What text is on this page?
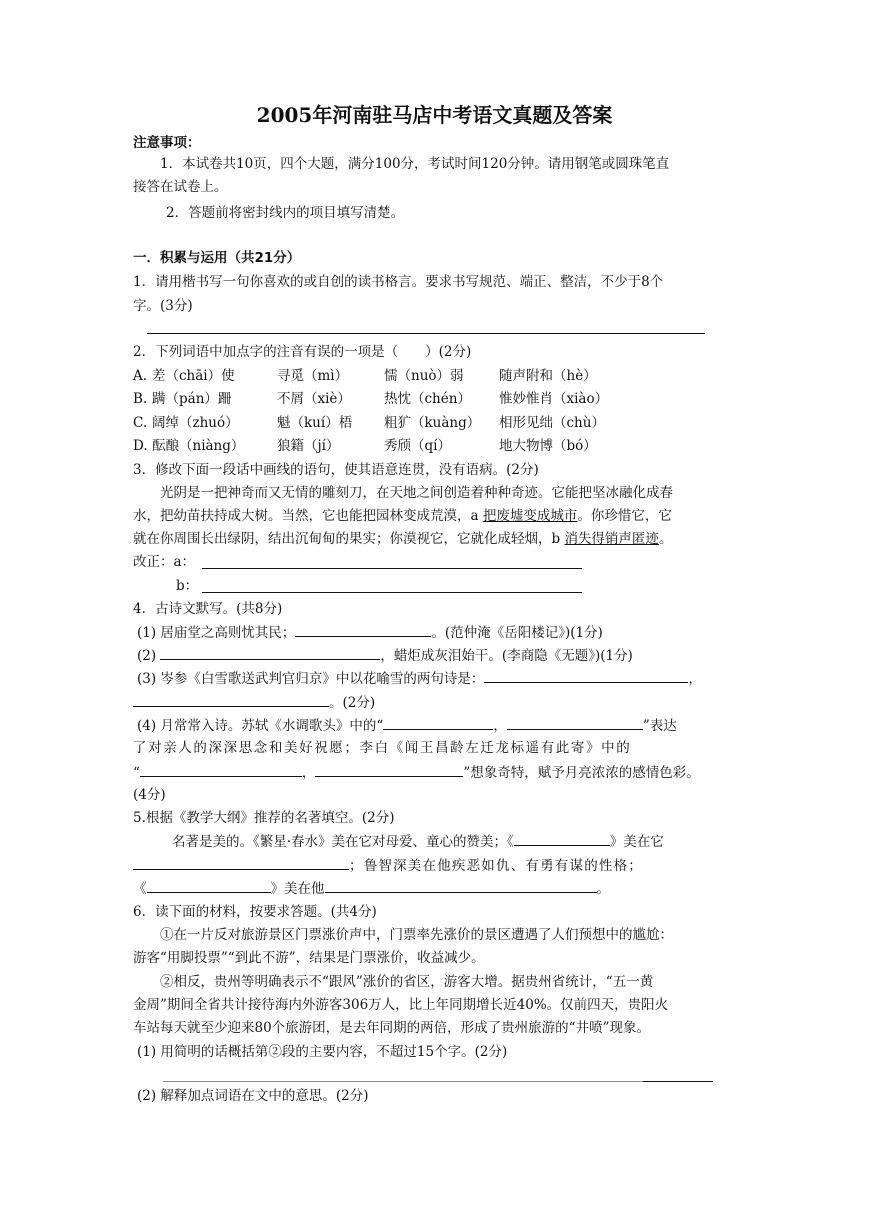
2005年河南驻马店中考语文真题及答案
注意事项：
1．本试卷共10页，四个大题，满分100分，考试时间120分钟。请用钢笔或圆珠笔直
接答在试卷上。
2．答题前将密封线内的项目填写清楚。
一．积累与运用（共21分）
1．请用楷书写一句你喜欢的或自创的读书格言。要求书写规范、端正、整洁，不少于8个
字。(3分)
2．下列词语中加点字的注音有误的一项是（　　）(2分)
A. 差（chāi）使	寻觅（mì）	懦（nuò）弱	随声附和（hè）
B. 蹒（pán）跚	不屑（xiè） 热忱（chén） 惟妙惟肖（xiào）
C. 阔绰（zhuó）	魁（kuí）梧 粗犷（kuàng） 相形见绌（chù）
D. 酝酿（niàng） 狼籍（jí）	秀颀（qí）	地大物博（bó）
3．修改下面一段话中画线的语句，使其语意连贯，没有语病。(2分)
光阴是一把神奇而又无情的雕刻刀，在天地之间创造着种种奇迹。它能把坚冰融化成春
水，把幼苗扶持成大树。当然，它也能把园林变成荒漠，a 把废墟变成城市。你珍惜它，它
就在你周围长出绿阴，结出沉甸甸的果实；你漠视它，它就化成轻烟，b 消失得销声匿迹。
改正：a：
b：
4．古诗文默写。(共8分)
(1) 居庙堂之高则忧其民；	。(范仲淹《岳阳楼记》)(1分)
(2)	，蜡炬成灰泪始干。(李商隐《无题》)(1分)
(3) 岑参《白雪歌送武判官归京》中以花喻雪的两句诗是：	，
。(2分)
(4) 月常常入诗。苏轼《水调歌头》中的“	，	”表达
了对亲人的深深思念和美好祝愿；李白《闻王昌龄左迁龙标遥有此寄》中的
“	，	”想象奇特，赋予月亮浓浓的感情色彩。
(4分)
5.根据《教学大纲》推荐的名著填空。(2分)
名著是美的。《繁星·春水》美在它对母爱、童心的赞美；《	》美在它
；鲁智深美在他疾恶如仇、有勇有谋的性格；
《	》美在他	。
6．读下面的材料，按要求答题。(共4分)
①在一片反对旅游景区门票涨价声中，门票率先涨价的景区遭遇了人们预想中的尴尬：
游客“用脚投票”“到此不游”，结果是门票涨价，收益减少。
②相反，贵州等明确表示不“跟风”涨价的省区，游客大增。据贵州省统计，“五一黄
金周”期间全省共计接待海内外游客306万人，比上年同期增长近40%。仅前四天，贵阳火
车站每天就至少迎来80个旅游团，是去年同期的两倍，形成了贵州旅游的“井喷”现象。
(1) 用简明的话概括第②段的主要内容，不超过15个字。(2分)
(2) 解释加点词语在文中的意思。(2分)
